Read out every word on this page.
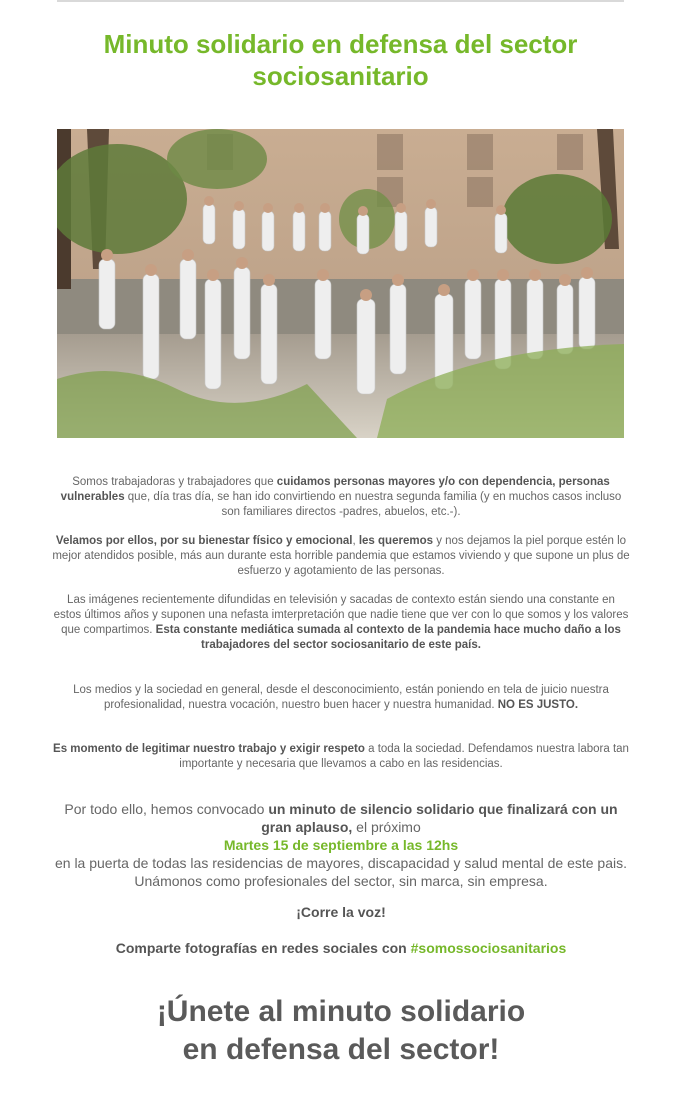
Minuto solidario en defensa del sector sociosanitario

Somos trabajadoras y trabajadores que cuidamos personas mayores y/o con dependencia, personas vulnerables que, día tras día, se han ido convirtiendo en nuestra segunda familia (y en muchos casos incluso son familiares directos -padres, abuelos, etc.-).

Velamos por ellos, por su bienestar físico y emocional, les queremos y nos dejamos la piel porque estén lo mejor atendidos posible, más aun durante esta horrible pandemia que estamos viviendo y que supone un plus de esfuerzo y agotamiento de las personas.

Las imágenes recientemente difundidas en televisión y sacadas de contexto están siendo una constante en estos últimos años y suponen una nefasta imterpretación que nadie tiene que ver con lo que somos y los valores que compartimos. Esta constante mediática sumada al contexto de la pandemia hace mucho daño a los trabajadores del sector sociosanitario de este país.

Los medios y la sociedad en general, desde el desconocimiento, están poniendo en tela de juicio nuestra profesionalidad, nuestra vocación, nuestro buen hacer y nuestra humanidad. NO ES JUSTO.

Es momento de legitimar nuestro trabajo y exigir respeto a toda la sociedad. Defendamos nuestra labora tan importante y necesaria que llevamos a cabo en las residencias.

Por todo ello, hemos convocado un minuto de silencio solidario que finalizará con un gran aplauso, el próximo
Martes 15 de septiembre a las 12hs
en la puerta de todas las residencias de mayores, discapacidad y salud mental de este pais. Unámonos como profesionales del sector, sin marca, sin empresa.

¡Corre la voz!

Comparte fotografías en redes sociales con #somossociosanitarios

¡Únete al minuto solidario
en defensa del sector!
